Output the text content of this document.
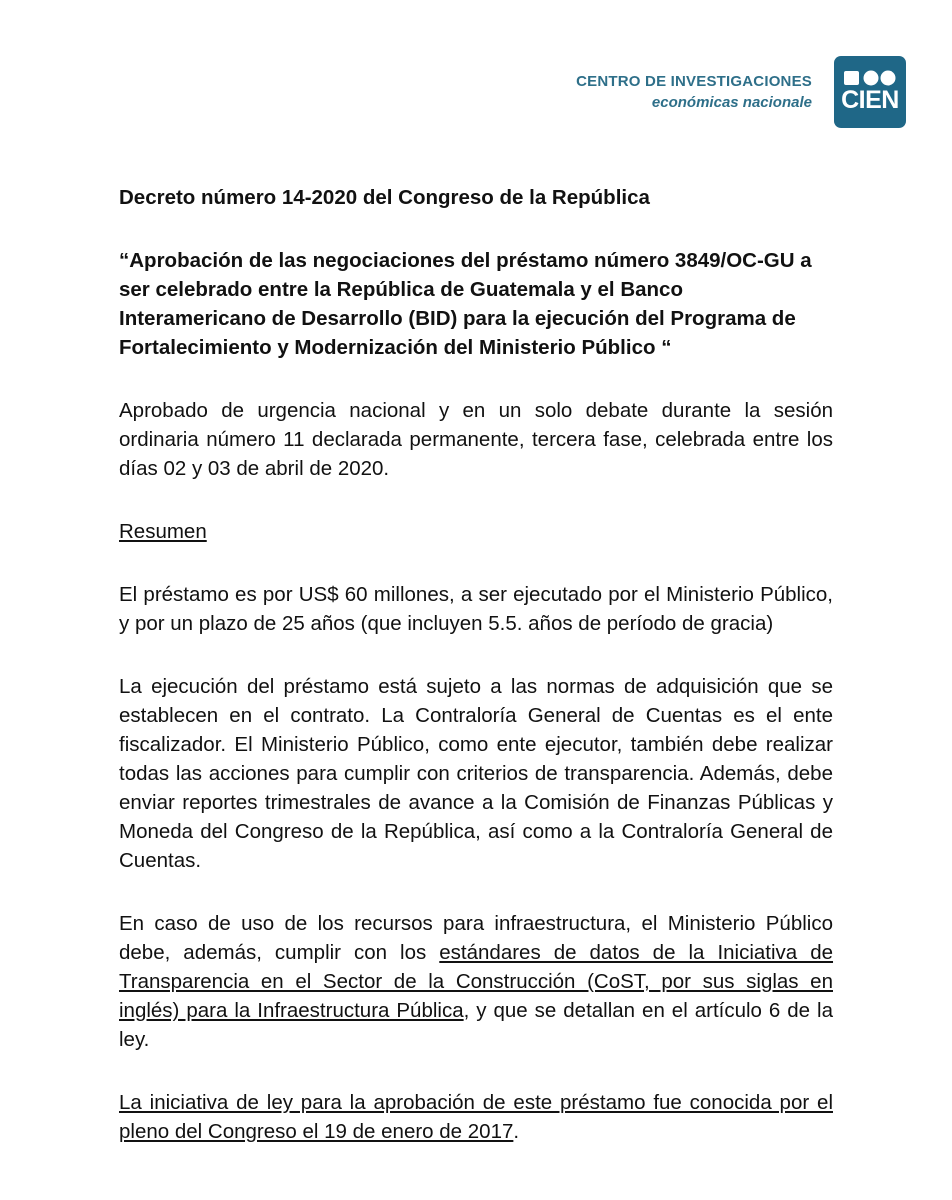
CENTRO DE INVESTIGACIONES
económicas nacionale CIEN

Decreto número 14-2020 del Congreso de la República

“Aprobación de las negociaciones del préstamo número 3849/OC-GU a ser celebrado entre la República de Guatemala y el Banco Interamericano de Desarrollo (BID) para la ejecución del Programa de Fortalecimiento y Modernización del Ministerio Público “

Aprobado de urgencia nacional y en un solo debate durante la sesión ordinaria número 11 declarada permanente, tercera fase, celebrada entre los días 02 y 03 de abril de 2020.

Resumen

El préstamo es por US$ 60 millones, a ser ejecutado por el Ministerio Público, y por un plazo de 25 años (que incluyen 5.5. años de período de gracia)

La ejecución del préstamo está sujeto a las normas de adquisición que se establecen en el contrato. La Contraloría General de Cuentas es el ente fiscalizador. El Ministerio Público, como ente ejecutor, también debe realizar todas las acciones para cumplir con criterios de transparencia. Además, debe enviar reportes trimestrales de avance a la Comisión de Finanzas Públicas y Moneda del Congreso de la República, así como a la Contraloría General de Cuentas.

En caso de uso de los recursos para infraestructura, el Ministerio Público debe, además, cumplir con los estándares de datos de la Iniciativa de Transparencia en el Sector de la Construcción (CoST, por sus siglas en inglés) para la Infraestructura Pública, y que se detallan en el artículo 6 de la ley.

La iniciativa de ley para la aprobación de este préstamo fue conocida por el pleno del Congreso el 19 de enero de 2017.
